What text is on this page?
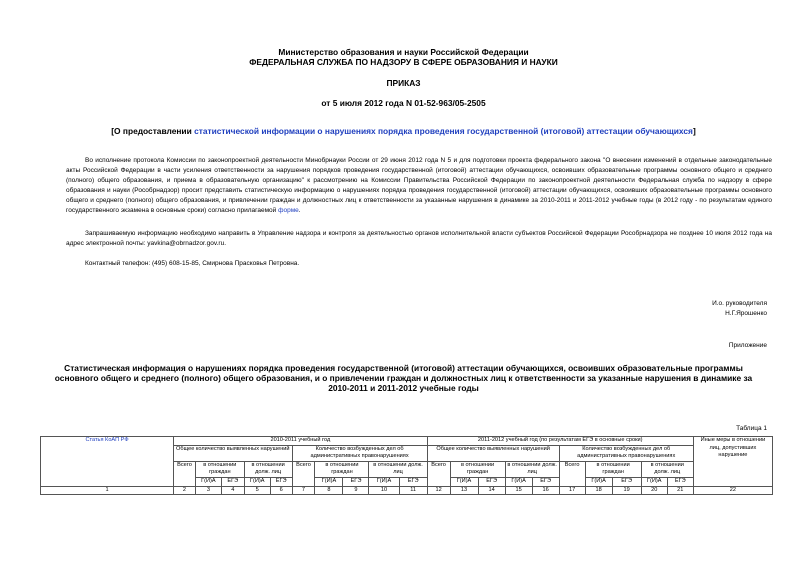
Министерство образования и науки Российской Федерации
ФЕДЕРАЛЬНАЯ СЛУЖБА ПО НАДЗОРУ В СФЕРЕ ОБРАЗОВАНИЯ И НАУКИ
ПРИКАЗ
от 5 июля 2012 года N 01-52-963/05-2505
[О предоставлении статистической информации о нарушениях порядка проведения государственной (итоговой) аттестации обучающихся]
Во исполнение протокола Комиссии по законопроектной деятельности Минобрнауки России от 29 июня 2012 года N 5 и для подготовки проекта федерального закона "О внесении изменений в отдельные законодательные акты Российской Федерации в части усиления ответственности за нарушения порядков проведения государственной (итоговой) аттестации обучающихся, освоивших образовательные программы основного общего и среднего (полного) общего образования, и приема в образовательную организацию" к рассмотрению на Комиссии Правительства Российской Федерации по законопроектной деятельности Федеральная служба по надзору в сфере образования и науки (Рособрнадзор) просит представить статистическую информацию о нарушениях порядка проведения государственной (итоговой) аттестации обучающихся, освоивших образовательные программы основного общего и среднего (полного) общего образования, и привлечении граждан и должностных лиц к ответственности за указанные нарушения в динамике за 2010-2011 и 2011-2012 учебные годы (в 2012 году - по результатам единого государственного экзамена в основные сроки) согласно прилагаемой форме.
Запрашиваемую информацию необходимо направить в Управление надзора и контроля за деятельностью органов исполнительной власти субъектов Российской Федерации Рособрнадзора не позднее 10 июля 2012 года на адрес электронной почты: yavkina@obrnadzor.gov.ru.
Контактный телефон: (495) 608-15-85, Смирнова Прасковья Петровна.
И.о. руководителя
Н.Г.Ярошенко
Приложение
Статистическая информация о нарушениях порядка проведения государственной (итоговой) аттестации обучающихся, освоивших образовательные программы основного общего и среднего (полного) общего образования, и о привлечении граждан и должностных лиц к ответственности за указанные нарушения в динамике за 2010-2011 и 2011-2012 учебные годы
Таблица 1
Статья КоАП РФ	2010-2011 учебный год										2011-2012 учебный год (по результатам ЕГЭ в основные сроки)										Иные меры в отношении лиц, допустивших нарушение
	Общее количество выявленных нарушений					Количество возбужденных дел об административных правонарушениях					Общее количество выявленных нарушений					Количество возбужденных дел об административных правонарушениях					
	Всего	в отношении граждан		в отношении долж. лиц		Всего	в отношении граждан		в отношении долж. лиц		Всего	в отношении граждан		в отношении долж. лиц		Всего	в отношении граждан		в отношении долж. лиц		
		Г(И)А	ЕГЭ	Г(И)А	ЕГЭ		Г(И)А	ЕГЭ	Г(И)А	ЕГЭ		Г(И)А	ЕГЭ	Г(И)А	ЕГЭ		Г(И)А	ЕГЭ	Г(И)А	ЕГЭ	
1	2	3	4	5	6	7	8	9	10	11	12	13	14	15	16	17	18	19	20	21	22
